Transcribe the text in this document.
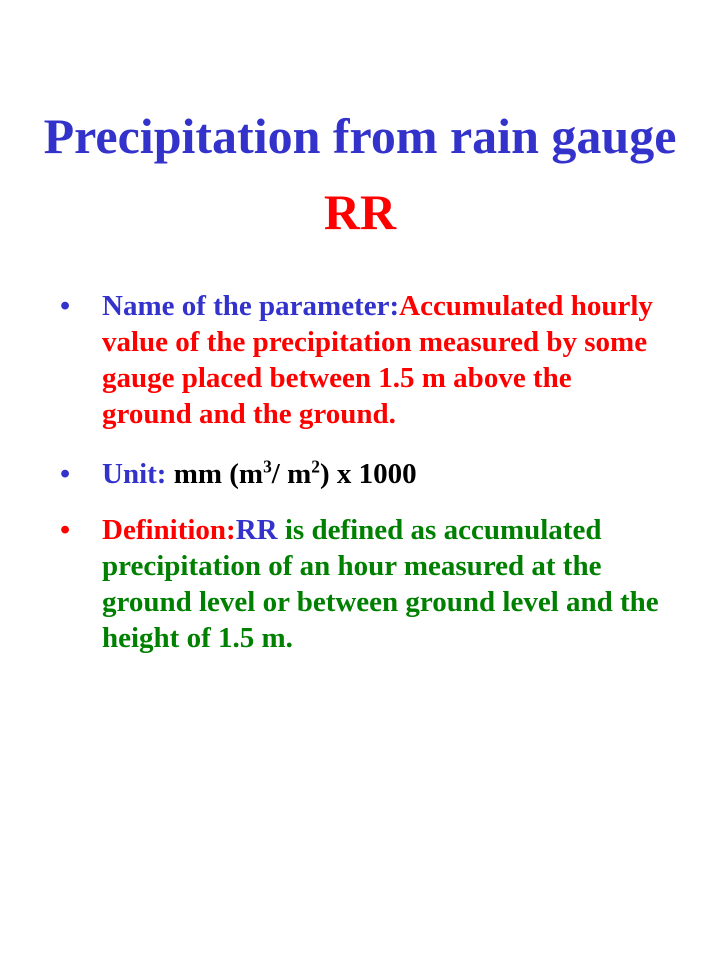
Precipitation from rain gauge RR
• Name of the parameter:Accumulated hourly value of the precipitation measured by some gauge placed between 1.5 m above the ground and the ground.
• Unit: mm ($m^3/$ $m^2$) x 1000
• Definition:RR is defined as accumulated precipitation of an hour measured at the ground level or between ground level and the height of 1.5 m.
